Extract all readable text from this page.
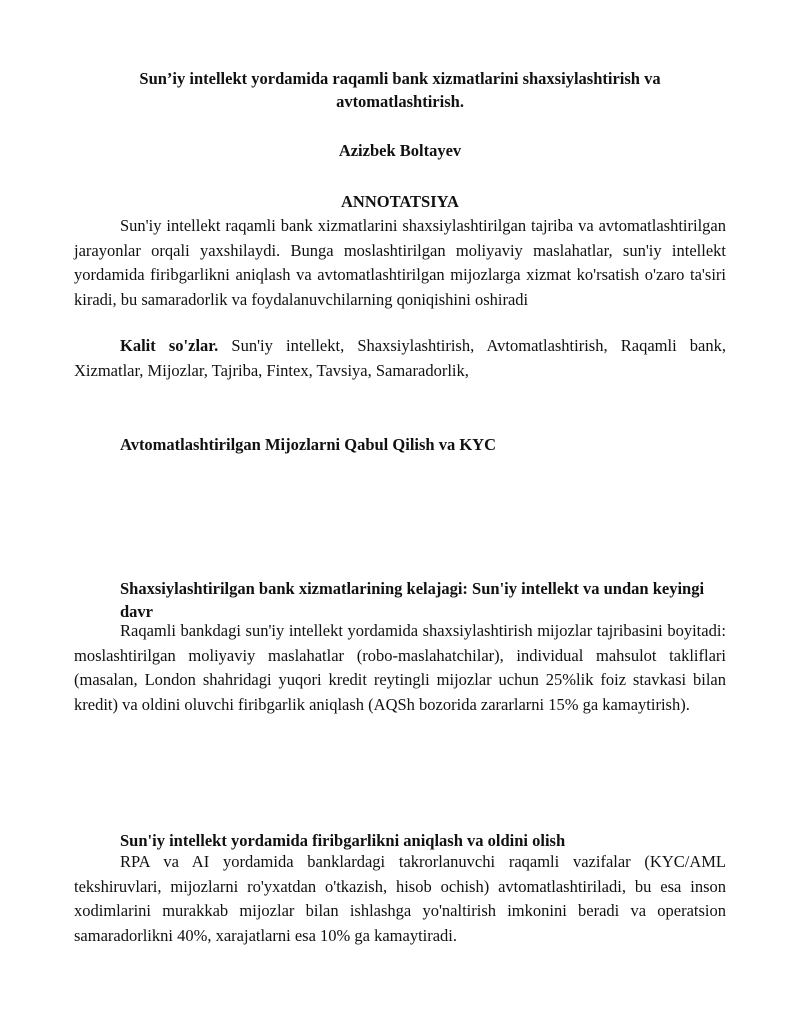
Sun’iy intellekt yordamida raqamli bank xizmatlarini shaxsiylashtirish va avtomatlashtirish.
Azizbek Boltayev
ANNOTATSIYA

Sun'iy intellekt raqamli bank xizmatlarini shaxsiylashtirilgan tajriba va avtomatlashtirilgan jarayonlar orqali yaxshilaydi. Bunga moslashtirilgan moliyaviy maslahatlar, sun'iy intellekt yordamida firibgarlikni aniqlash va avtomatlashtirilgan mijozlarga xizmat ko'rsatish o'zaro ta'siri kiradi, bu samaradorlik va foydalanuvchilarning qoniqishini oshiradi

Kalit so'zlar. Sun'iy intellekt, Shaxsiylashtirish, Avtomatlashtirish, Raqamli bank, Xizmatlar, Mijozlar, Tajriba, Fintex, Tavsiya, Samaradorlik,

Avtomatlashtirilgan Mijozlarni Qabul Qilish va KYC

Shaxsiylashtirilgan bank xizmatlarining kelajagi: Sun'iy intellekt va undan keyingi davr

Raqamli bankdagi sun'iy intellekt yordamida shaxsiylashtirish mijozlar tajribasini boyitadi: moslashtirilgan moliyaviy maslahatlar (robo-maslahatchilar), individual mahsulot takliflari (masalan, London shahridagi yuqori kredit reytingli mijozlar uchun 25%lik foiz stavkasi bilan kredit) va oldini oluvchi firibgarlik aniqlash (AQSh bozorida zararlarni 15% ga kamaytirish).

Sun'iy intellekt yordamida firibgarlikni aniqlash va oldini olish

RPA va AI yordamida banklardagi takrorlanuvchi raqamli vazifalar (KYC/AML tekshiruvlari, mijozlarni ro'yxatdan o'tkazish, hisob ochish) avtomatlashtiriladi, bu esa inson xodimlarini murakkab mijozlar bilan ishlashga yo'naltirish imkonini beradi va operatsion samaradorlikni 40%, xarajatlarni esa 10% ga kamaytiradi.
